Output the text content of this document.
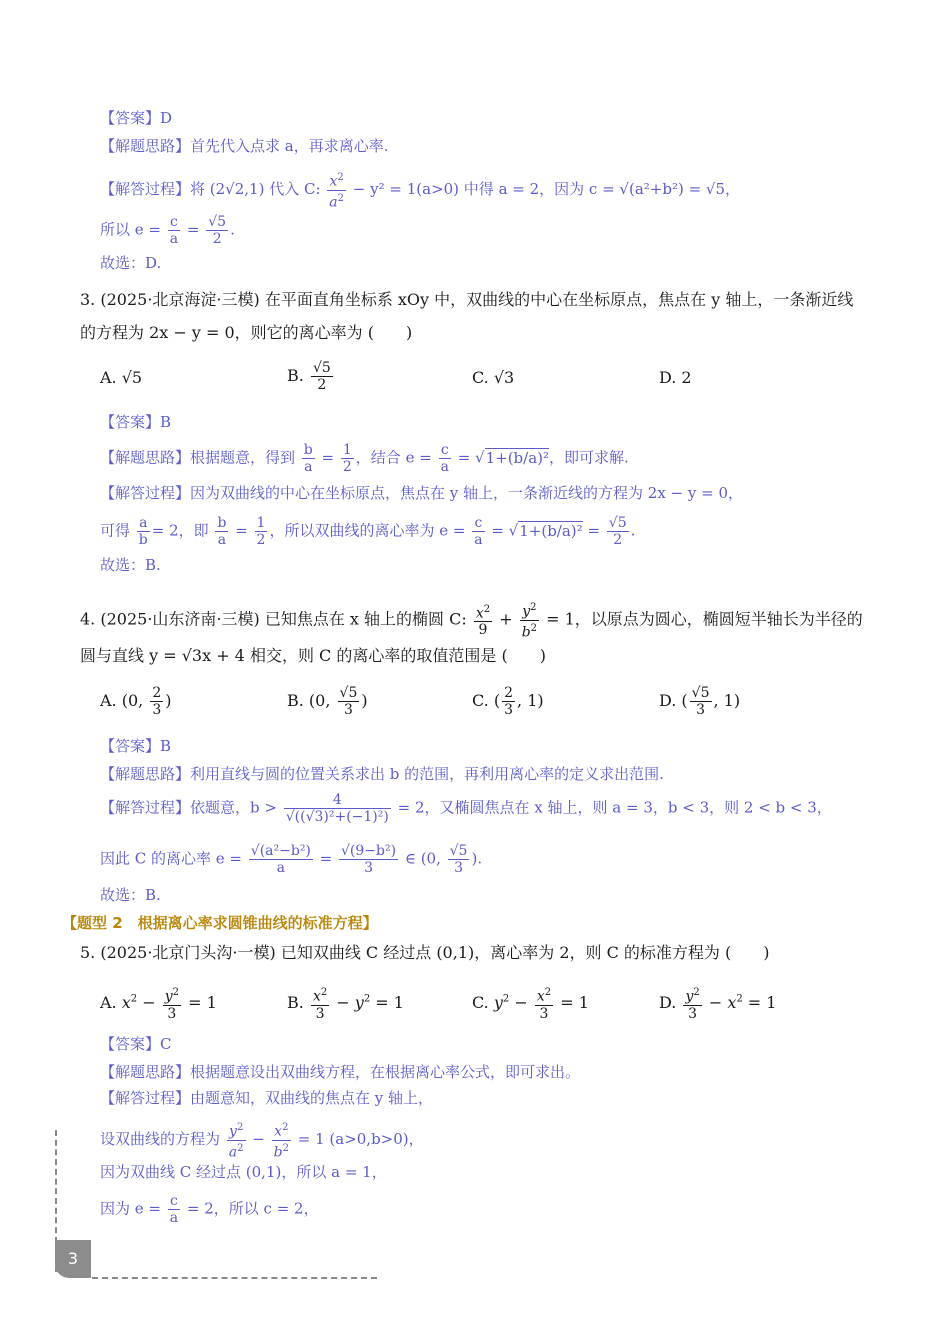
【答案】D
【解题思路】首先代入点求 a，再求离心率.
【解答过程】将 (2√2,1) 代入 C: $\frac{x^2}{a^2} - y^2 = 1(a>0)$ 中得 a = 2，因为 c = √(a²+b²) = √5，
所以 $e = \frac{c}{a} = \frac{√5}{2}$ .
故选：D.
3. (2025·北京海淀·三模) 在平面直角坐标系 xOy 中，双曲线的中心在坐标原点，焦点在 y 轴上，一条渐近线
的方程为 2x − y = 0，则它的离心率为 (　　)
A. √5	B. $\frac{√5}{2}$	C. √3	D. 2
【答案】B
【解题思路】根据题意，得到 $\frac{b}{a} = \frac{1}{2}$ ，结合 $e = \frac{c}{a} = √1+(b/a)^2$，即可求解.
【解答过程】因为双曲线的中心在坐标原点，焦点在 y 轴上，一条渐近线的方程为 2x − y = 0，
可得 $\frac{a}{b} = 2$，即 $\frac{b}{a} = \frac{1}{2}$ ，所以双曲线的离心率为 $e = \frac{c}{a} = √1+(b/a)^2 = \frac{√5}{2}$ .
故选：B.
4. (2025·山东济南·三模) 已知焦点在 x 轴上的椭圆 C: $\frac{x^2}{9} + \frac{y^2}{b^2} = 1$，以原点为圆心，椭圆短半轴长为半径的
圆与直线 y = √3x + 4 相交，则 C 的离心率的取值范围是 (　　)
A. (0, $\frac{2}{3}$ )	B. (0, $\frac{√5}{3}$ )	C. ( $\frac{2}{3}$ , 1)	D. ( $\frac{√5}{3}$ , 1)
【答案】B
【解题思路】利用直线与圆的位置关系求出 b 的范围，再利用离心率的定义求出范围.
【解答过程】依题意，$b > \frac{4}{\text{√((√3)²+(−1)²)}} = 2$，又椭圆焦点在 x 轴上，则 a = 3，b < 3，则 2 < b < 3，
因此 C 的离心率 $e = \frac{\text{√(a²−b²)}}{a} = \frac{\text{√(9−b²)}}{3}$ ∈ (0, $\frac{√5}{3}$ ).
故选：B.
【题型 2　根据离心率求圆锥曲线的标准方程】
5. (2025·北京门头沟·一模) 已知双曲线 C 经过点 (0,1)，离心率为 2，则 C 的标准方程为 (　　)
A. $x^2 - \frac{y^2}{3} = 1$	B. $\frac{x^2}{3} - y^2 = 1$	C. $y^2 - \frac{x^2}{3} = 1$	D. $\frac{y^2}{3} - x^2 = 1$
【答案】C
【解题思路】根据题意设出双曲线方程，在根据离心率公式，即可求出。
【解答过程】由题意知，双曲线的焦点在 y 轴上，
设双曲线的方程为 $\frac{y^2}{a^2} - \frac{x^2}{b^2} = 1$ (a>0,b>0)，
因为双曲线 C 经过点 (0,1)，所以 a = 1，
因为 $e = \frac{c}{a} = 2$，所以 c = 2，
3
